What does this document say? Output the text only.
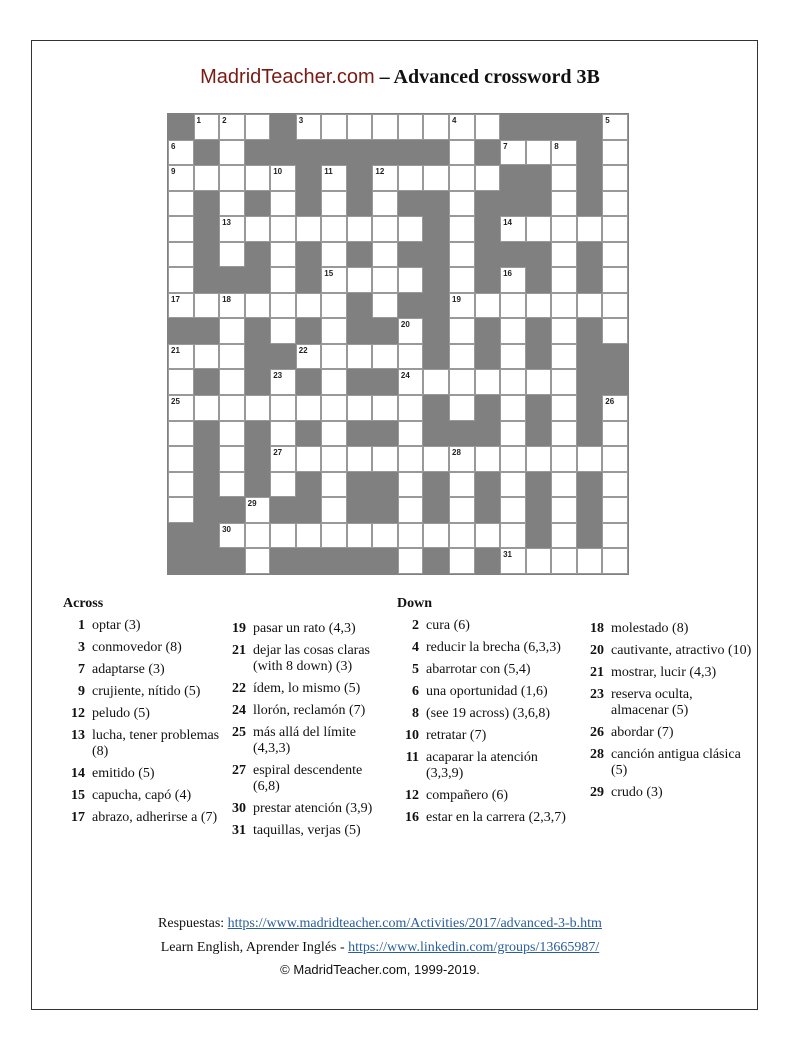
MadridTeacher.com – Advanced crossword 3B
1	2	3	4	5
6	7	8
9	10	11	12
13	14
15	16
17	18	19
20
21	22
23	24
25	26
27	28
29
30
31
Across
1 optar (3)
3 conmovedor (8)
7 adaptarse (3)
9 crujiente, nítido (5)
12 peludo (5)
13 lucha, tener problemas (8)
14 emitido (5)
15 capucha, capó (4)
17 abrazo, adherirse a (7)
19 pasar un rato (4,3)
21 dejar las cosas claras (with 8 down) (3)
22 ídem, lo mismo (5)
24 llorón, reclamón (7)
25 más allá del límite (4,3,3)
27 espiral descendente (6,8)
30 prestar atención (3,9)
31 taquillas, verjas (5)
Down
2 cura (6)
4 reducir la brecha (6,3,3)
5 abarrotar con (5,4)
6 una oportunidad (1,6)
8 (see 19 across) (3,6,8)
10 retratar (7)
11 acaparar la atención (3,3,9)
12 compañero (6)
16 estar en la carrera (2,3,7)
18 molestado (8)
20 cautivante, atractivo (10)
21 mostrar, lucir (4,3)
23 reserva oculta, almacenar (5)
26 abordar (7)
28 canción antigua clásica (5)
29 crudo (3)
Respuestas: https://www.madridteacher.com/Activities/2017/advanced-3-b.htm
Learn English, Aprender Inglés - https://www.linkedin.com/groups/13665987/
© MadridTeacher.com, 1999-2019.
